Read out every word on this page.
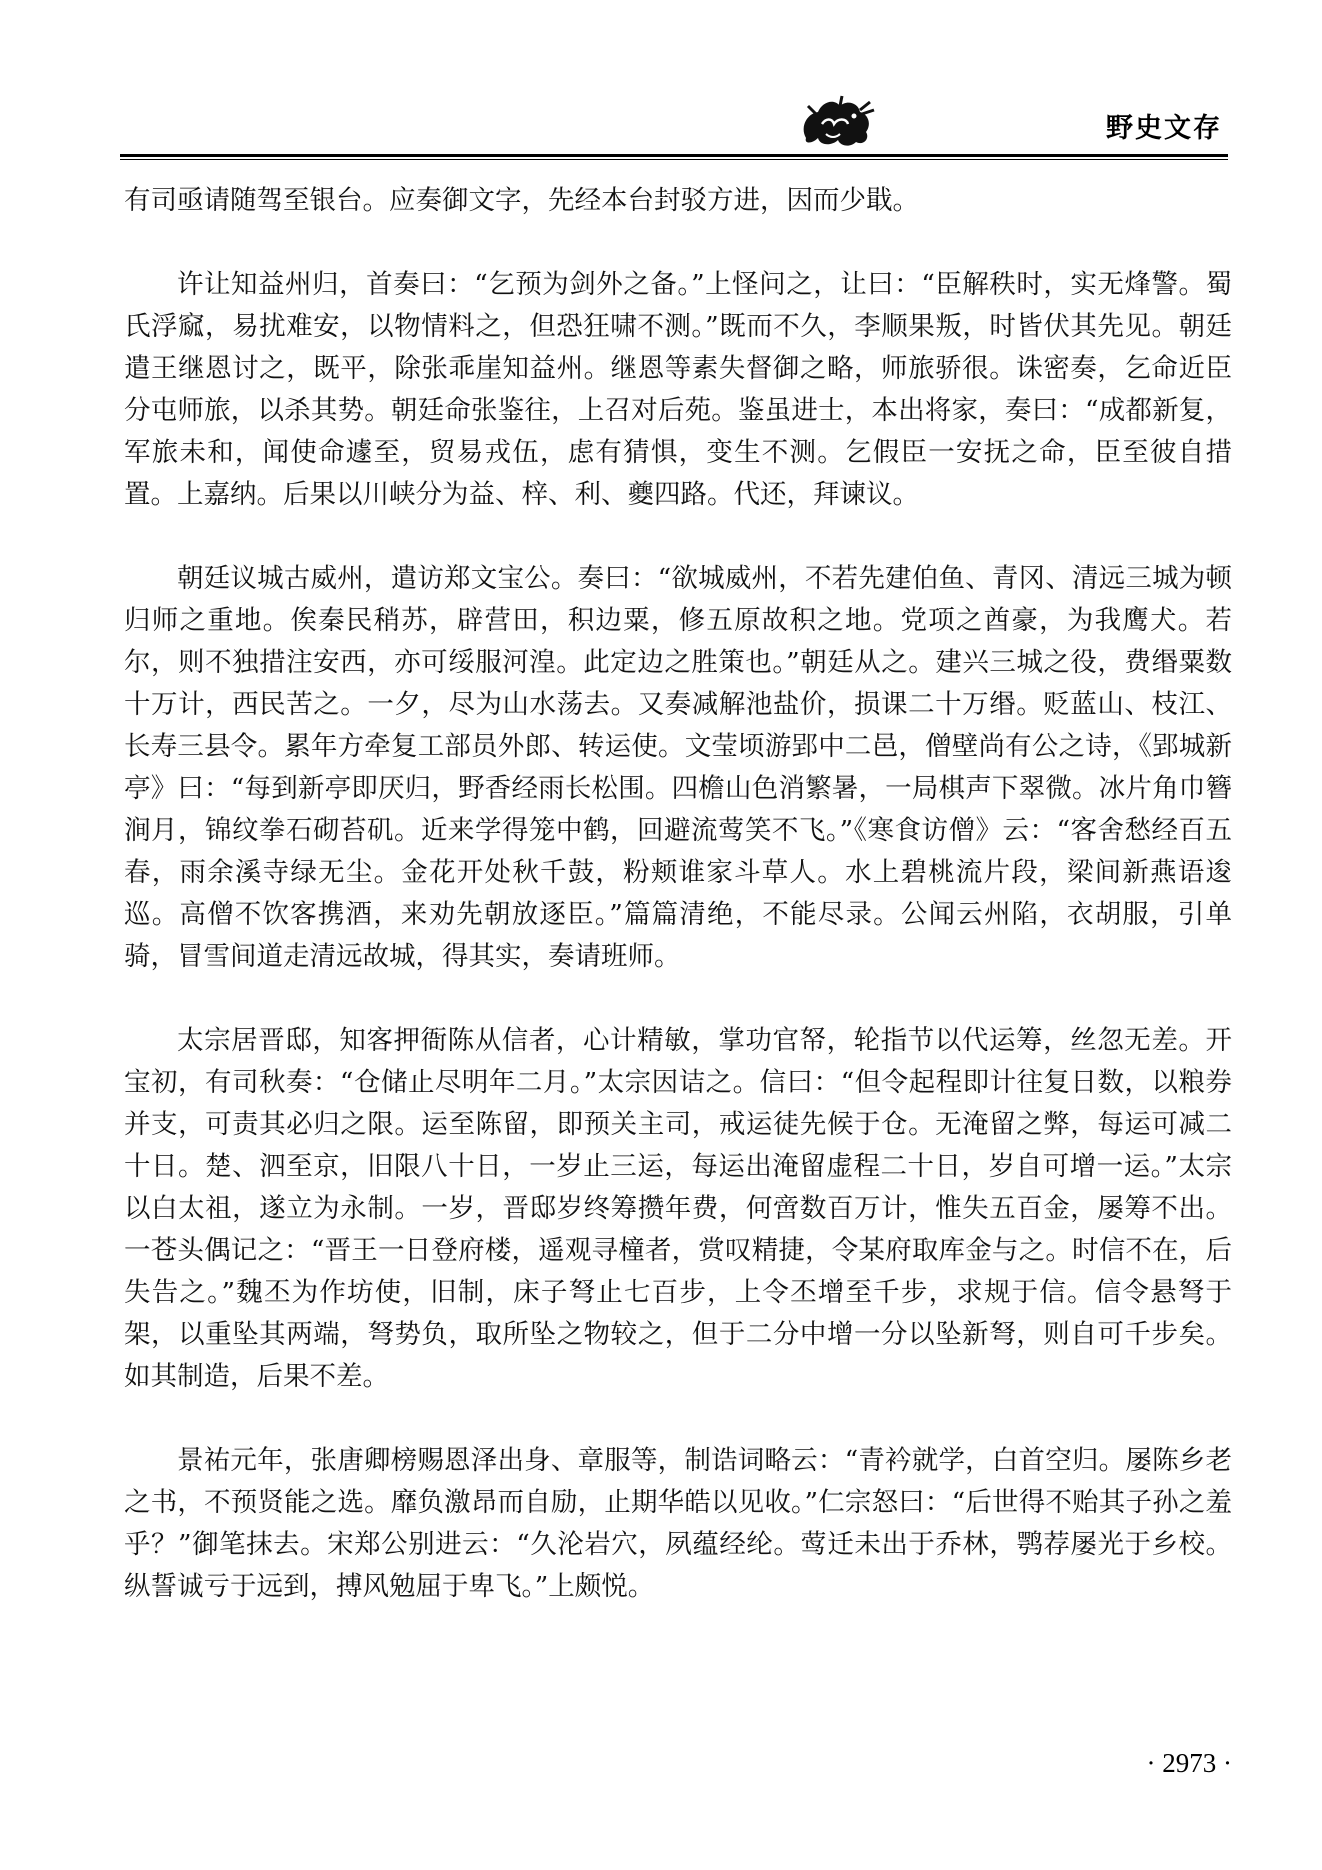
野史文存

有司亟请随驾至银台。应奏御文字，先经本台封驳方进，因而少戢。

许让知益州归，首奏曰：“乞预为剑外之备。”上怪问之，让曰：“臣解秩时，实无烽警。蜀氏浮窳，易扰难安，以物情料之，但恐狂啸不测。”既而不久，李顺果叛，时皆伏其先见。朝廷遣王继恩讨之，既平，除张乖崖知益州。继恩等素失督御之略，师旅骄很。诛密奏，乞命近臣分屯师旅，以杀其势。朝廷命张鉴往，上召对后苑。鉴虽进士，本出将家，奏曰：“成都新复，军旅未和，闻使命遽至，贸易戎伍，虑有猜惧，变生不测。乞假臣一安抚之命，臣至彼自措置。上嘉纳。后果以川峡分为益、梓、利、夔四路。代还，拜谏议。

朝廷议城古威州，遣访郑文宝公。奏曰：“欲城威州，不若先建伯鱼、青冈、清远三城为顿归师之重地。俟秦民稍苏，辟营田，积边粟，修五原故积之地。党项之酋豪，为我鹰犬。若尔，则不独措注安西，亦可绥服河湟。此定边之胜策也。”朝廷从之。建兴三城之役，费缗粟数十万计，西民苦之。一夕，尽为山水荡去。又奏减解池盐价，损课二十万缗。贬蓝山、枝江、长寿三县令。累年方牵复工部员外郎、转运使。文莹顷游郢中二邑，僧壁尚有公之诗，《郢城新亭》曰：“每到新亭即厌归，野香经雨长松围。四檐山色消繁暑，一局棋声下翠微。冰片角巾簪涧月，锦纹拳石砌苔矶。近来学得笼中鹤，回避流莺笑不飞。”《寒食访僧》云：“客舍愁经百五春，雨余溪寺绿无尘。金花开处秋千鼓，粉颊谁家斗草人。水上碧桃流片段，梁间新燕语逡巡。高僧不饮客携酒，来劝先朝放逐臣。”篇篇清绝，不能尽录。公闻云州陷，衣胡服，引单骑，冒雪间道走清远故城，得其实，奏请班师。

太宗居晋邸，知客押衙陈从信者，心计精敏，掌功官帑，轮指节以代运筹，丝忽无差。开宝初，有司秋奏：“仓储止尽明年二月。”太宗因诘之。信曰：“但令起程即计往复日数，以粮券并支，可责其必归之限。运至陈留，即预关主司，戒运徒先候于仓。无淹留之弊，每运可减二十日。楚、泗至京，旧限八十日，一岁止三运，每运出淹留虚程二十日，岁自可增一运。”太宗以白太祖，遂立为永制。一岁，晋邸岁终筹攒年费，何啻数百万计，惟失五百金，屡筹不出。一苍头偶记之：“晋王一日登府楼，遥观寻橦者，赏叹精捷，令某府取库金与之。时信不在，后失告之。”魏丕为作坊使，旧制，床子弩止七百步，上令丕增至千步，求规于信。信令悬弩于架，以重坠其两端，弩势负，取所坠之物较之，但于二分中增一分以坠新弩，则自可千步矣。如其制造，后果不差。

景祐元年，张唐卿榜赐恩泽出身、章服等，制诰词略云：“青衿就学，白首空归。屡陈乡老之书，不预贤能之选。靡负激昂而自励，止期华皓以见收。”仁宗怒曰：“后世得不贻其子孙之羞乎？”御笔抹去。宋郑公别进云：“久沦岩穴，夙蕴经纶。莺迁未出于乔林，鹗荐屡光于乡校。纵誓诚亏于远到，搏风勉屈于卑飞。”上颇悦。

· 2973 ·
